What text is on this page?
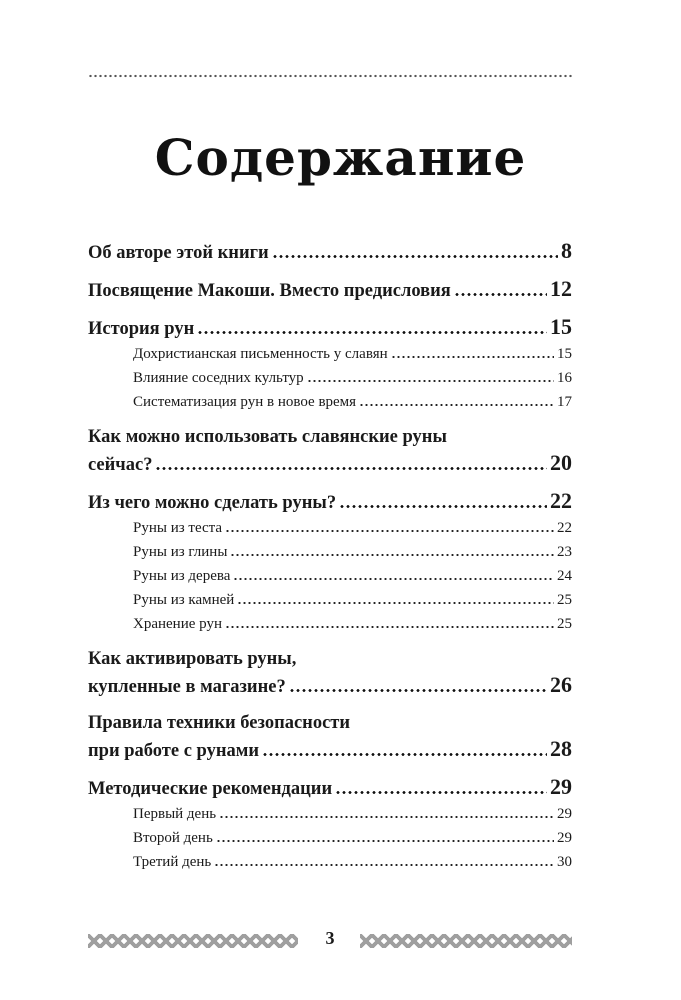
Содержание
Об авторе этой книги	8
Посвящение Макоши. Вместо предисловия	12
История рун	15
Дохристианская письменность у славян	15
Влияние соседних культур	16
Систематизация рун в новое время	17
Как можно использовать славянские руны
сейчас?	20
Из чего можно сделать руны?	22
Руны из теста	22
Руны из глины	23
Руны из дерева	24
Руны из камней	25
Хранение рун	25
Как активировать руны,
купленные в магазине?	26
Правила техники безопасности
при работе с рунами	28
Методические рекомендации	29
Первый день	29
Второй день	29
Третий день	30
3
